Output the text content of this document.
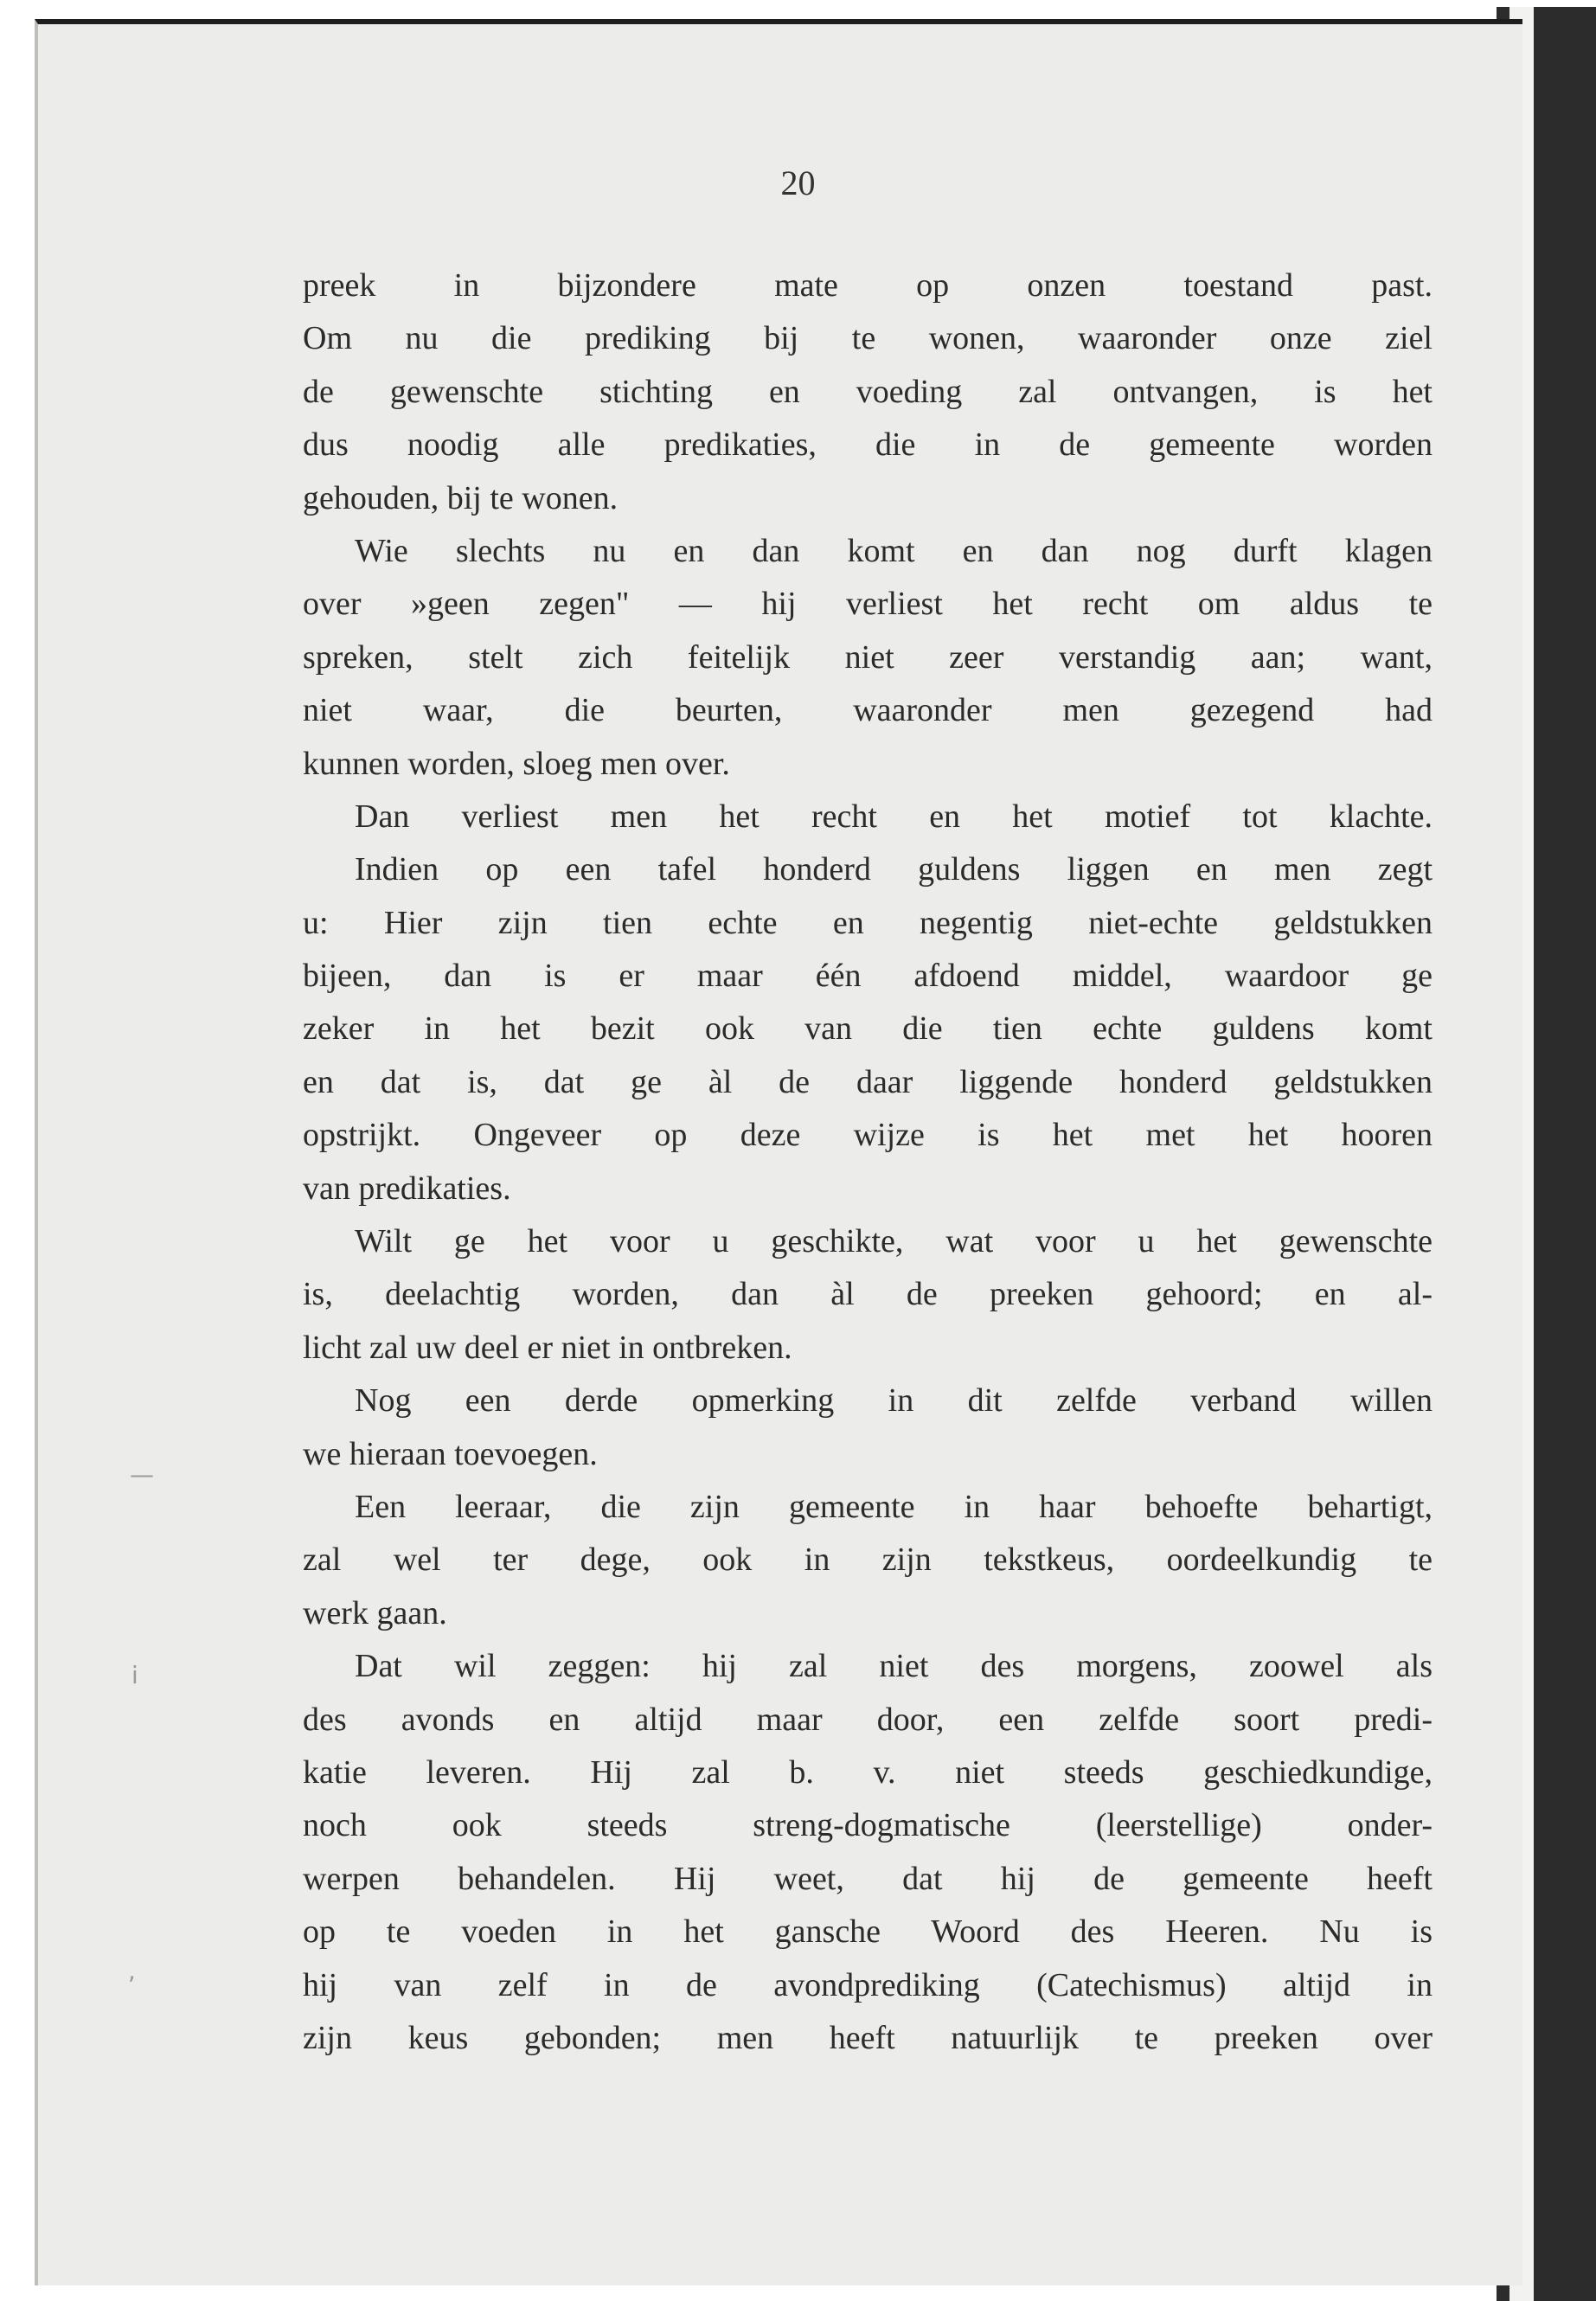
20
—
i
,
preek in bijzondere mate op onzen toestand past.
Om nu die prediking bij te wonen, waaronder onze ziel
de gewenschte stichting en voeding zal ontvangen, is het
dus noodig alle predikaties, die in de gemeente worden
gehouden, bij te wonen.
Wie slechts nu en dan komt en dan nog durft klagen
over »geen zegen" — hij verliest het recht om aldus te
spreken, stelt zich feitelijk niet zeer verstandig aan; want,
niet waar, die beurten, waaronder men gezegend had
kunnen worden, sloeg men over.
Dan verliest men het recht en het motief tot klachte.
Indien op een tafel honderd guldens liggen en men zegt
u: Hier zijn tien echte en negentig niet-echte geldstukken
bijeen, dan is er maar één afdoend middel, waardoor ge
zeker in het bezit ook van die tien echte guldens komt
en dat is, dat ge àl de daar liggende honderd geldstukken
opstrijkt. Ongeveer op deze wijze is het met het hooren
van predikaties.
Wilt ge het voor u geschikte, wat voor u het gewenschte
is, deelachtig worden, dan àl de preeken gehoord; en al-
licht zal uw deel er niet in ontbreken.
Nog een derde opmerking in dit zelfde verband willen
we hieraan toevoegen.
Een leeraar, die zijn gemeente in haar behoefte behartigt,
zal wel ter dege, ook in zijn tekstkeus, oordeelkundig te
werk gaan.
Dat wil zeggen: hij zal niet des morgens, zoowel als
des avonds en altijd maar door, een zelfde soort predi-
katie leveren. Hij zal b. v. niet steeds geschiedkundige,
noch ook steeds streng-dogmatische (leerstellige) onder-
werpen behandelen. Hij weet, dat hij de gemeente heeft
op te voeden in het gansche Woord des Heeren. Nu is
hij van zelf in de avondprediking (Catechismus) altijd in
zijn keus gebonden; men heeft natuurlijk te preeken over
